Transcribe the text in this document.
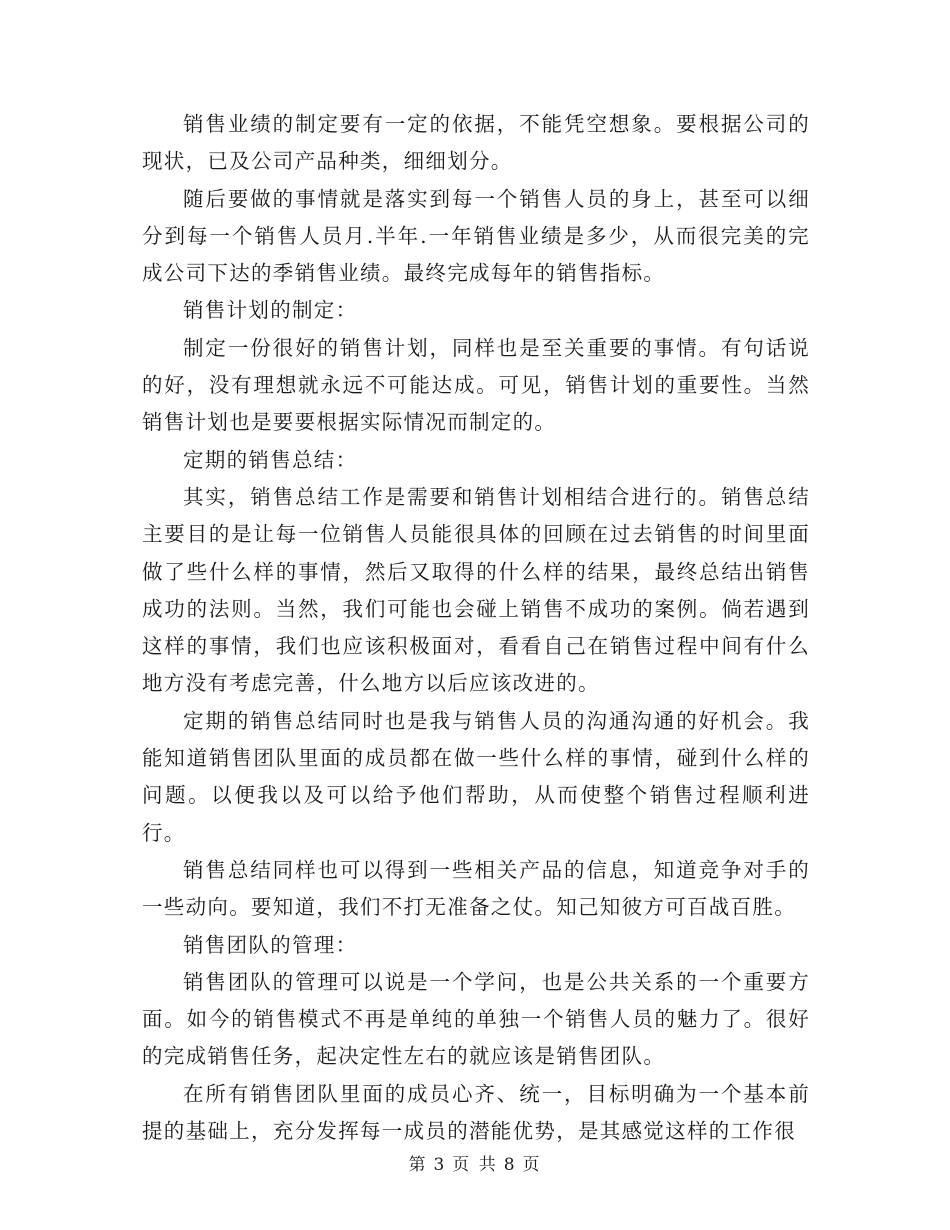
销售业绩的制定要有一定的依据，不能凭空想象。要根据公司的现状，已及公司产品种类，细细划分。

随后要做的事情就是落实到每一个销售人员的身上，甚至可以细分到每一个销售人员月.半年.一年销售业绩是多少，从而很完美的完成公司下达的季销售业绩。最终完成每年的销售指标。

销售计划的制定：

制定一份很好的销售计划，同样也是至关重要的事情。有句话说的好，没有理想就永远不可能达成。可见，销售计划的重要性。当然销售计划也是要要根据实际情况而制定的。

定期的销售总结：

其实，销售总结工作是需要和销售计划相结合进行的。销售总结主要目的是让每一位销售人员能很具体的回顾在过去销售的时间里面做了些什么样的事情，然后又取得的什么样的结果，最终总结出销售成功的法则。当然，我们可能也会碰上销售不成功的案例。倘若遇到这样的事情，我们也应该积极面对，看看自己在销售过程中间有什么地方没有考虑完善，什么地方以后应该改进的。

定期的销售总结同时也是我与销售人员的沟通沟通的好机会。我能知道销售团队里面的成员都在做一些什么样的事情，碰到什么样的问题。以便我以及可以给予他们帮助，从而使整个销售过程顺利进行。

销售总结同样也可以得到一些相关产品的信息，知道竞争对手的一些动向。要知道，我们不打无准备之仗。知己知彼方可百战百胜。

销售团队的管理：

销售团队的管理可以说是一个学问，也是公共关系的一个重要方面。如今的销售模式不再是单纯的单独一个销售人员的魅力了。很好的完成销售任务，起决定性左右的就应该是销售团队。

在所有销售团队里面的成员心齐、统一，目标明确为一个基本前提的基础上，充分发挥每一成员的潜能优势，是其感觉这样的工作很

第 3 页 共 8 页
